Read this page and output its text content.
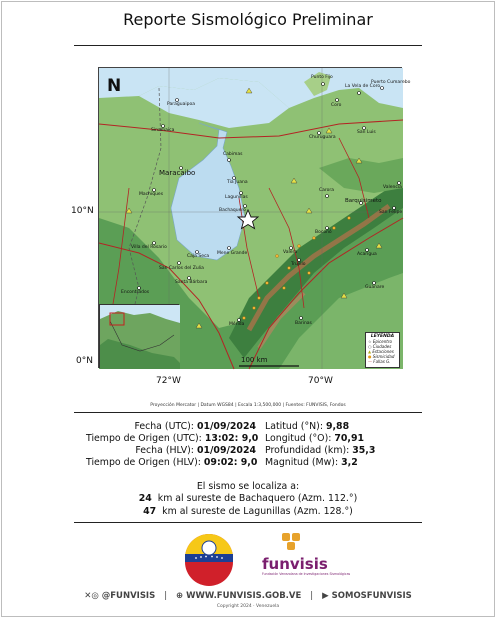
Reporte Sismológico Preliminar
N
100 km
Punto Fijo
La Vela de Coro
Coro
Puerto Cumarebo
Paraguaipoa
Sinamaica
Cabimas
San Luis
Churuguara
Maracaibo
Tia Juana
Lagunillas
Bachaquero
Barquisimeto
Mene Grande
Machiques
Trujillo
Valera
Carora
Guanare
Mérida	Barinas
Acarigua
San Carlos del Zulia
Santa Bárbara
Encontrados
Villa del Rosario
Caja Seca
San Felipe
Valencia
Boconó
LEYENDA
☆ Epicentro
○ Ciudades
▲ Estaciones
● Sismicidad
— Fallas G.
10°N
0°N
72°W	70°W
Proyección Mercator | Datum WGS84 | Escala 1:3,500,000 | Fuentes: FUNVISIS, Fondos
Fecha (UTC): 01/09/2024
Tiempo de Origen (UTC): 13:02: 9,0
Fecha (HLV): 01/09/2024
Tiempo de Origen (HLV): 09:02: 9,0
Latitud (°N): 9,88
Longitud (°O): 70,91
Profundidad (km): 35,3
Magnitud (Mw): 3,2
El sismo se localiza a:
24 km al sureste de Bachaquero (Azm. 112.°)
47 km al sureste de Lagunillas (Azm. 128.°)
funvisis
Fundación Venezolana de Investigaciones Sismológicas
✕◎ @FUNVISIS | ⊕ WWW.FUNVISIS.GOB.VE | ▶ SOMOSFUNVISIS
Copyright 2024 · Venezuela
